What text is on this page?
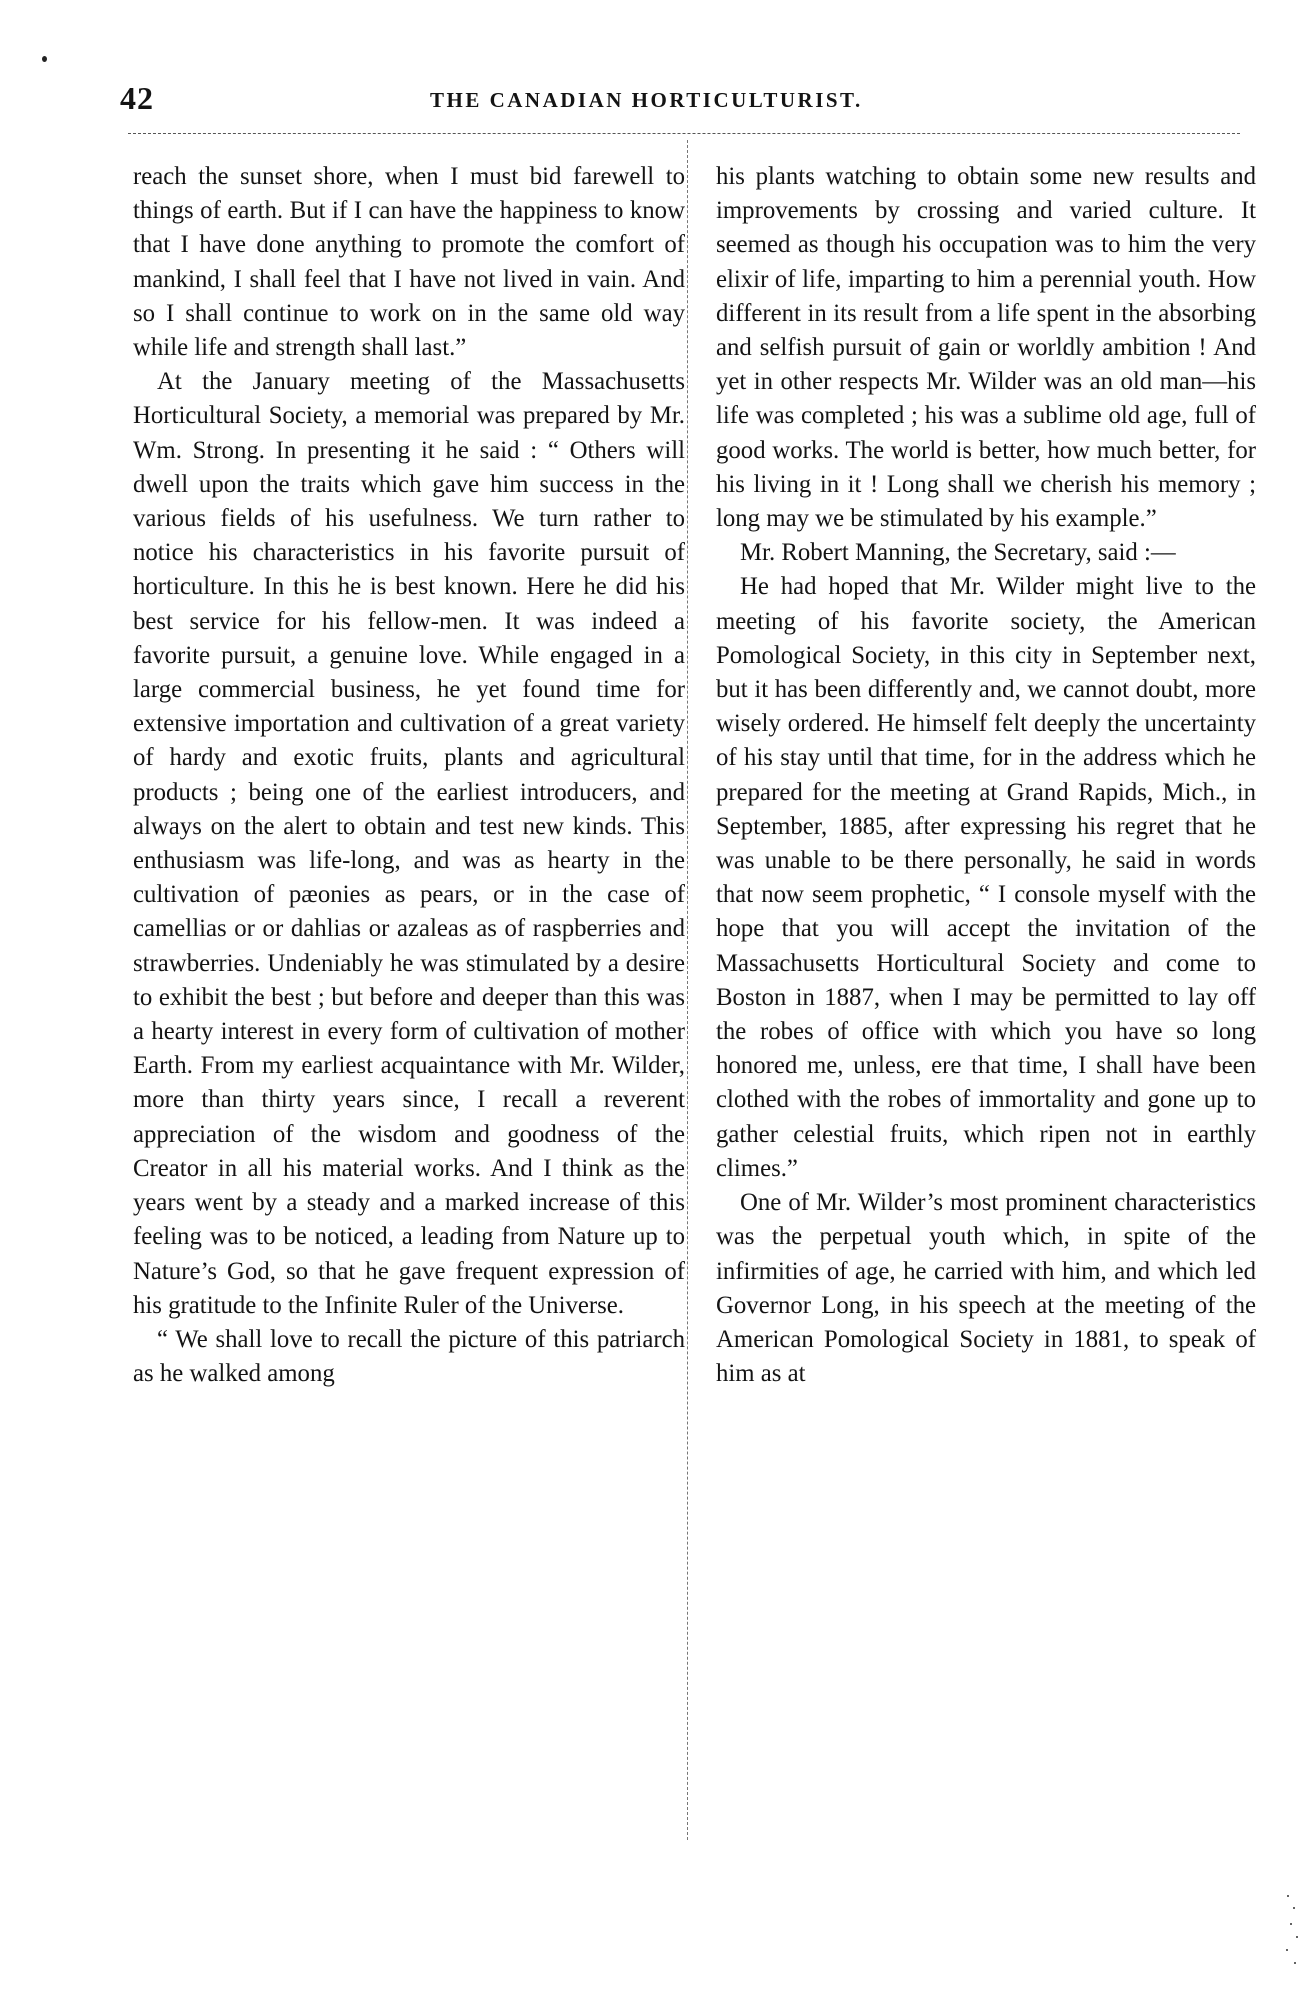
42	THE CANADIAN HORTICULTURIST.

reach the sunset shore, when I must bid farewell to things of earth. But if I can have the happiness to know that I have done anything to promote the comfort of mankind, I shall feel that I have not lived in vain. And so I shall continue to work on in the same old way while life and strength shall last.”

At the January meeting of the Massachusetts Horticultural Society, a memorial was prepared by Mr. Wm. Strong. In presenting it he said : “ Others will dwell upon the traits which gave him success in the various fields of his usefulness. We turn rather to notice his characteristics in his favorite pursuit of horticulture. In this he is best known. Here he did his best service for his fellow-men. It was indeed a favorite pursuit, a genuine love. While engaged in a large commercial business, he yet found time for extensive importation and cultivation of a great variety of hardy and exotic fruits, plants and agricultural products ; being one of the earliest introducers, and always on the alert to obtain and test new kinds. This enthusiasm was life-long, and was as hearty in the cultivation of pæonies as pears, or in the case of camellias or or dahlias or azaleas as of raspberries and strawberries. Undeniably he was stimulated by a desire to exhibit the best ; but before and deeper than this was a hearty interest in every form of cultivation of mother Earth. From my earliest acquaintance with Mr. Wilder, more than thirty years since, I recall a reverent appreciation of the wisdom and goodness of the Creator in all his material works. And I think as the years went by a steady and a marked increase of this feeling was to be noticed, a leading from Nature up to Nature’s God, so that he gave frequent expression of his gratitude to the Infinite Ruler of the Universe.

“ We shall love to recall the picture of this patriarch as he walked among

his plants watching to obtain some new results and improvements by crossing and varied culture. It seemed as though his occupation was to him the very elixir of life, imparting to him a perennial youth. How different in its result from a life spent in the absorbing and selfish pursuit of gain or worldly ambition ! And yet in other respects Mr. Wilder was an old man—his life was completed ; his was a sublime old age, full of good works. The world is better, how much better, for his living in it ! Long shall we cherish his memory ; long may we be stimulated by his example.”

Mr. Robert Manning, the Secretary, said :—

He had hoped that Mr. Wilder might live to the meeting of his favorite society, the American Pomological Society, in this city in September next, but it has been differently and, we cannot doubt, more wisely ordered. He himself felt deeply the uncertainty of his stay until that time, for in the address which he prepared for the meeting at Grand Rapids, Mich., in September, 1885, after expressing his regret that he was unable to be there personally, he said in words that now seem prophetic, “ I console myself with the hope that you will accept the invitation of the Massachusetts Horticultural Society and come to Boston in 1887, when I may be permitted to lay off the robes of office with which you have so long honored me, unless, ere that time, I shall have been clothed with the robes of immortality and gone up to gather celestial fruits, which ripen not in earthly climes.”

One of Mr. Wilder’s most prominent characteristics was the perpetual youth which, in spite of the infirmities of age, he carried with him, and which led Governor Long, in his speech at the meeting of the American Pomological Society in 1881, to speak of him as at
